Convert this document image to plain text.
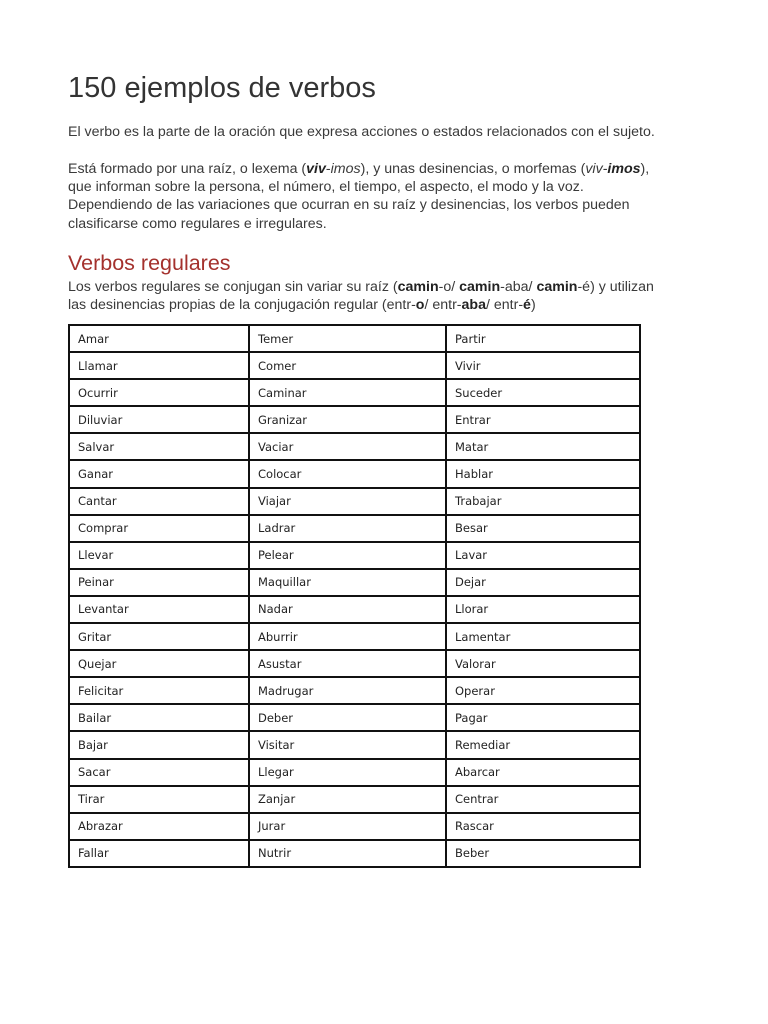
150 ejemplos de verbos

El verbo es la parte de la oración que expresa acciones o estados relacionados con el sujeto.

Está formado por una raíz, o lexema (viv-imos), y unas desinencias, o morfemas (viv-imos),
que informan sobre la persona, el número, el tiempo, el aspecto, el modo y la voz.
Dependiendo de las variaciones que ocurran en su raíz y desinencias, los verbos pueden
clasificarse como regulares e irregulares.

Verbos regulares

Los verbos regulares se conjugan sin variar su raíz (camin-o/ camin-aba/ camin-é) y utilizan
las desinencias propias de la conjugación regular (entr-o/ entr-aba/ entr-é)

Amar	Temer	Partir
Llamar	Comer	Vivir
Ocurrir	Caminar	Suceder
Diluviar	Granizar	Entrar
Salvar	Vaciar	Matar
Ganar	Colocar	Hablar
Cantar	Viajar	Trabajar
Comprar	Ladrar	Besar
Llevar	Pelear	Lavar
Peinar	Maquillar	Dejar
Levantar	Nadar	Llorar
Gritar	Aburrir	Lamentar
Quejar	Asustar	Valorar
Felicitar	Madrugar	Operar
Bailar	Deber	Pagar
Bajar	Visitar	Remediar
Sacar	Llegar	Abarcar
Tirar	Zanjar	Centrar
Abrazar	Jurar	Rascar
Fallar	Nutrir	Beber
